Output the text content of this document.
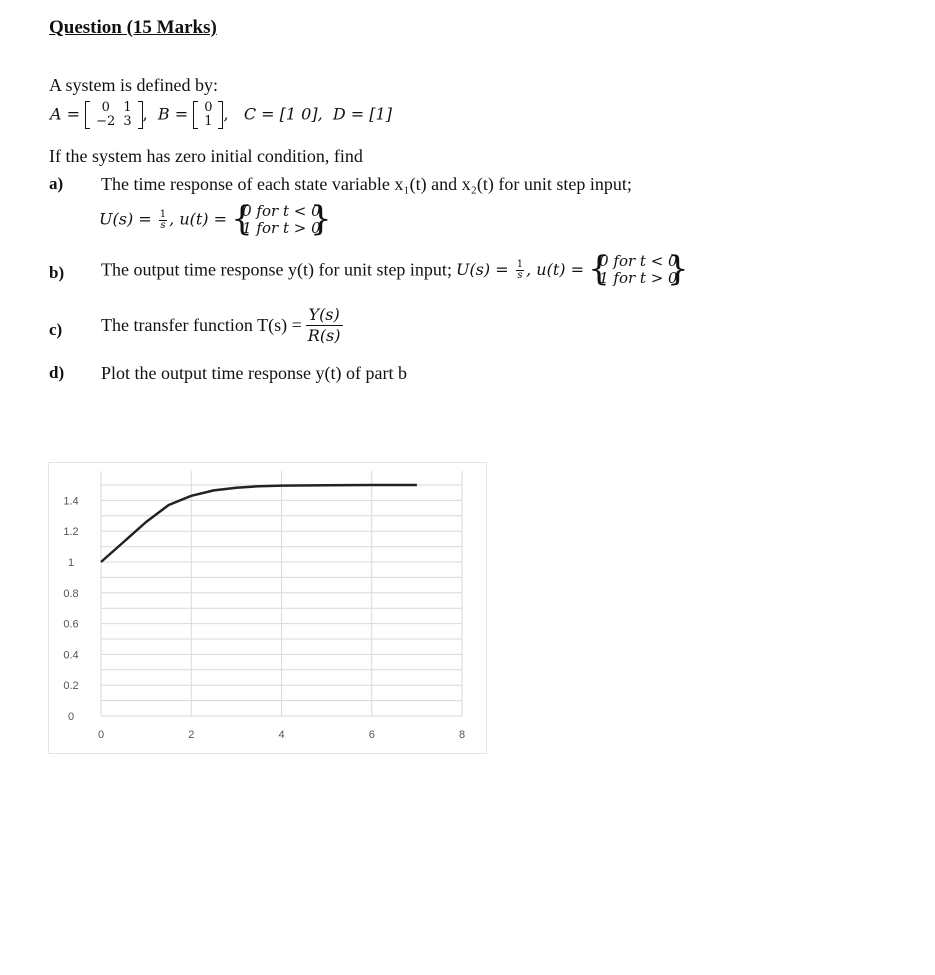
Question (15 Marks)
A system is defined by:
A = 0	1
−2	3 , B = 0
1 , C = [1 0], D = [1]
If the system has zero initial condition, find
a) The time response of each state variable x₁(t) and x₂(t) for unit step input;
$U(s) = \frac{1}{s}$ , u(t) = { 0 for t < 0
1 for t > 0
}
b) The output time response y(t) for unit step input; $U(s) = \frac{1}{s}$ , u(t) = { 0 for t < 0
1 for t > 0
}
c) The transfer function $T(s) = \frac{Y(s)}{R(s)}$
d) Plot the output time response y(t) of part b
0
0.2
0.4
0.6
0.8
1
1.2
1.4
0	2	4	6	8
